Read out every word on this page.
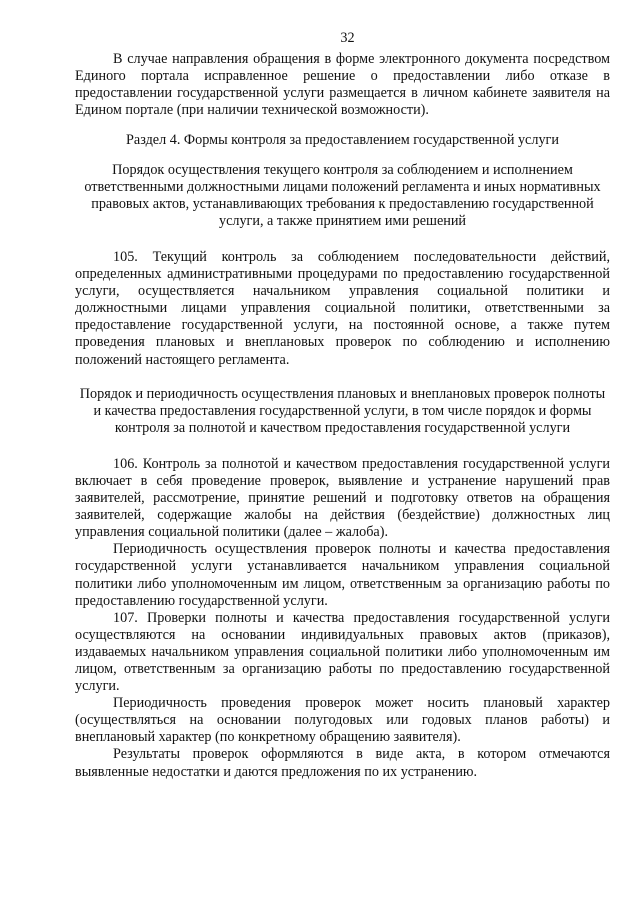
32

В случае направления обращения в форме электронного документа посредством Единого портала исправленное решение о предоставлении либо отказе в предоставлении государственной услуги размещается в личном кабинете заявителя на Едином портале (при наличии технической возможности).

Раздел 4. Формы контроля за предоставлением государственной услуги
Порядок осуществления текущего контроля за соблюдением и исполнением ответственными должностными лицами положений регламента и иных нормативных правовых актов, устанавливающих требования к предоставлению государственной услуги, а также принятием ими решений

105. Текущий контроль за соблюдением последовательности действий, определенных административными процедурами по предоставлению государственной услуги, осуществляется начальником управления социальной политики и должностными лицами управления социальной политики, ответственными за предоставление государственной услуги, на постоянной основе, а также путем проведения плановых и внеплановых проверок по соблюдению и исполнению положений настоящего регламента.

Порядок и периодичность осуществления плановых и внеплановых проверок полноты и качества предоставления государственной услуги, в том числе порядок и формы контроля за полнотой и качеством предоставления государственной услуги

106. Контроль за полнотой и качеством предоставления государственной услуги включает в себя проведение проверок, выявление и устранение нарушений прав заявителей, рассмотрение, принятие решений и подготовку ответов на обращения заявителей, содержащие жалобы на действия (бездействие) должностных лиц управления социальной политики (далее – жалоба).

Периодичность осуществления проверок полноты и качества предоставления государственной услуги устанавливается начальником управления социальной политики либо уполномоченным им лицом, ответственным за организацию работы по предоставлению государственной услуги.

107. Проверки полноты и качества предоставления государственной услуги осуществляются на основании индивидуальных правовых актов (приказов), издаваемых начальником управления социальной политики либо уполномоченным им лицом, ответственным за организацию работы по предоставлению государственной услуги.

Периодичность проведения проверок может носить плановый характер (осуществляться на основании полугодовых или годовых планов работы) и внеплановый характер (по конкретному обращению заявителя).

Результаты проверок оформляются в виде акта, в котором отмечаются выявленные недостатки и даются предложения по их устранению.
